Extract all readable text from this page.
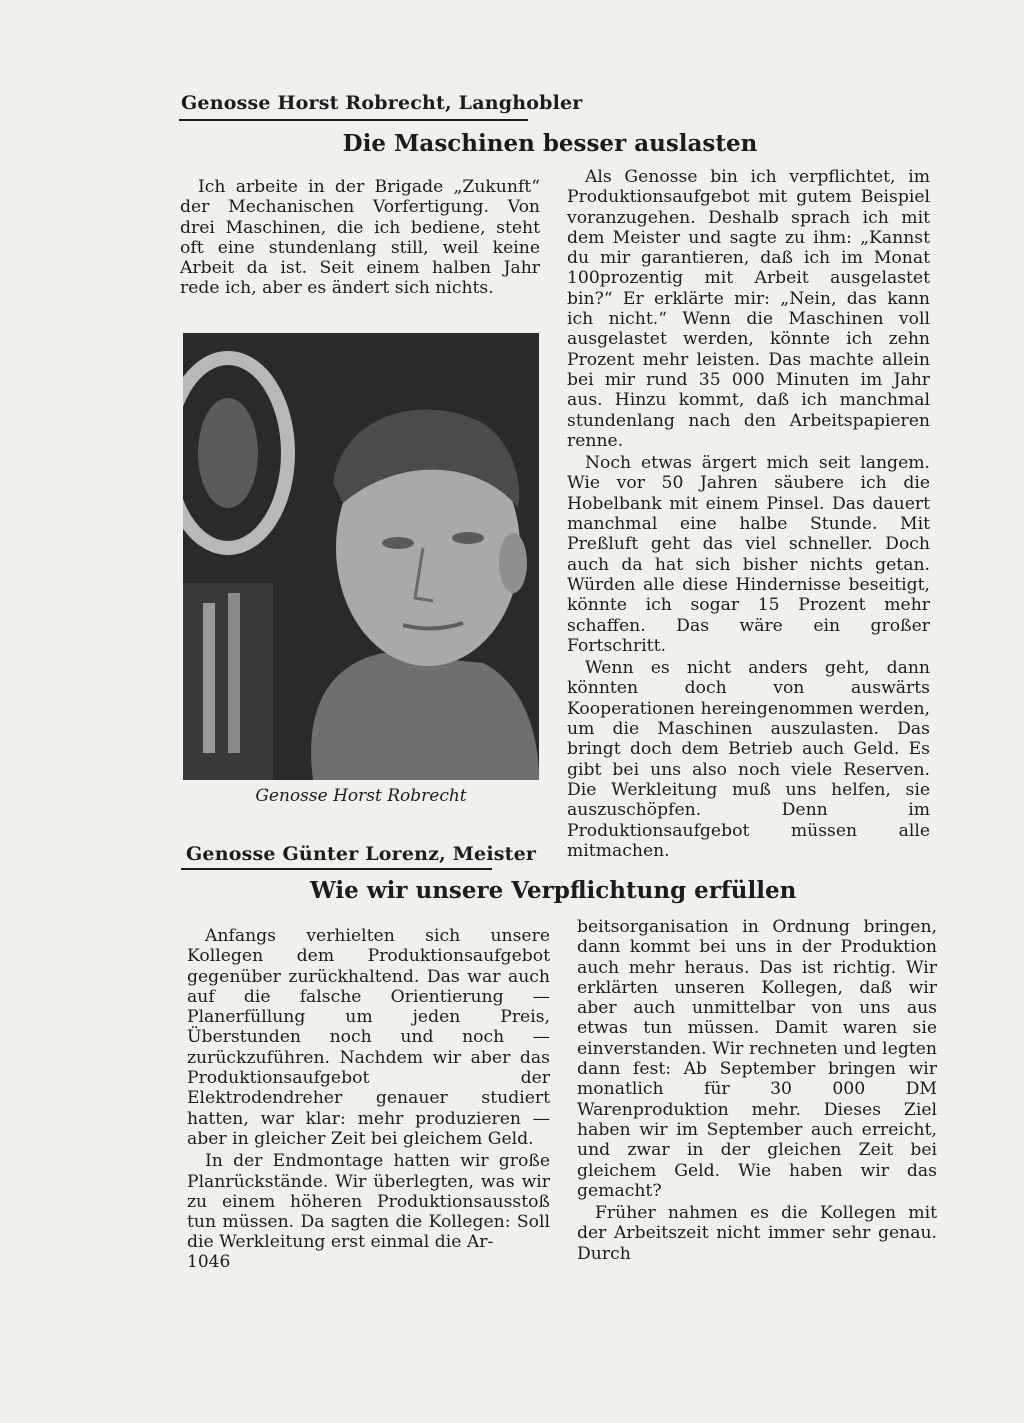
Genosse Horst Robrecht, Langhobler
Die Maschinen besser auslasten

Ich arbeite in der Brigade „Zukunft“ der Mechanischen Vorfertigung. Von drei Maschinen, die ich bediene, steht oft eine stundenlang still, weil keine Arbeit da ist. Seit einem halben Jahr rede ich, aber es ändert sich nichts.

Genosse Horst Robrecht

Als Genosse bin ich verpflichtet, im Produktionsaufgebot mit gutem Beispiel voranzugehen. Deshalb sprach ich mit dem Meister und sagte zu ihm: „Kannst du mir garantieren, daß ich im Monat 100prozentig mit Arbeit ausgelastet bin?“ Er erklärte mir: „Nein, das kann ich nicht.“ Wenn die Maschinen voll ausgelastet werden, könnte ich zehn Prozent mehr leisten. Das machte allein bei mir rund 35 000 Minuten im Jahr aus. Hinzu kommt, daß ich manchmal stundenlang nach den Arbeitspapieren renne.

Noch etwas ärgert mich seit langem. Wie vor 50 Jahren säubere ich die Hobelbank mit einem Pinsel. Das dauert manchmal eine halbe Stunde. Mit Preßluft geht das viel schneller. Doch auch da hat sich bisher nichts getan. Würden alle diese Hindernisse beseitigt, könnte ich sogar 15 Prozent mehr schaffen. Das wäre ein großer Fortschritt.

Wenn es nicht anders geht, dann könnten doch von auswärts Kooperationen hereingenommen werden, um die Maschinen auszulasten. Das bringt doch dem Betrieb auch Geld. Es gibt bei uns also noch viele Reserven. Die Werkleitung muß uns helfen, sie auszuschöpfen. Denn im Produktionsaufgebot müssen alle mitmachen.

Genosse Günter Lorenz, Meister
Wie wir unsere Verpflichtung erfüllen

Anfangs verhielten sich unsere Kollegen dem Produktionsaufgebot gegenüber zurückhaltend. Das war auch auf die falsche Orientierung — Planerfüllung um jeden Preis, Überstunden noch und noch — zurückzuführen. Nachdem wir aber das Produktionsaufgebot der Elektrodendreher genauer studiert hatten, war klar: mehr produzieren — aber in gleicher Zeit bei gleichem Geld.

In der Endmontage hatten wir große Planrückstände. Wir überlegten, was wir zu einem höheren Produktionsausstoß tun müssen. Da sagten die Kollegen: Soll die Werkleitung erst einmal die Ar-

beitsorganisation in Ordnung bringen, dann kommt bei uns in der Produktion auch mehr heraus. Das ist richtig. Wir erklärten unseren Kollegen, daß wir aber auch unmittelbar von uns aus etwas tun müssen. Damit waren sie einverstanden. Wir rechneten und legten dann fest: Ab September bringen wir monatlich für 30 000 DM Warenproduktion mehr. Dieses Ziel haben wir im September auch erreicht, und zwar in der gleichen Zeit bei gleichem Geld. Wie haben wir das gemacht?

Früher nahmen es die Kollegen mit der Arbeitszeit nicht immer sehr genau. Durch

1046
